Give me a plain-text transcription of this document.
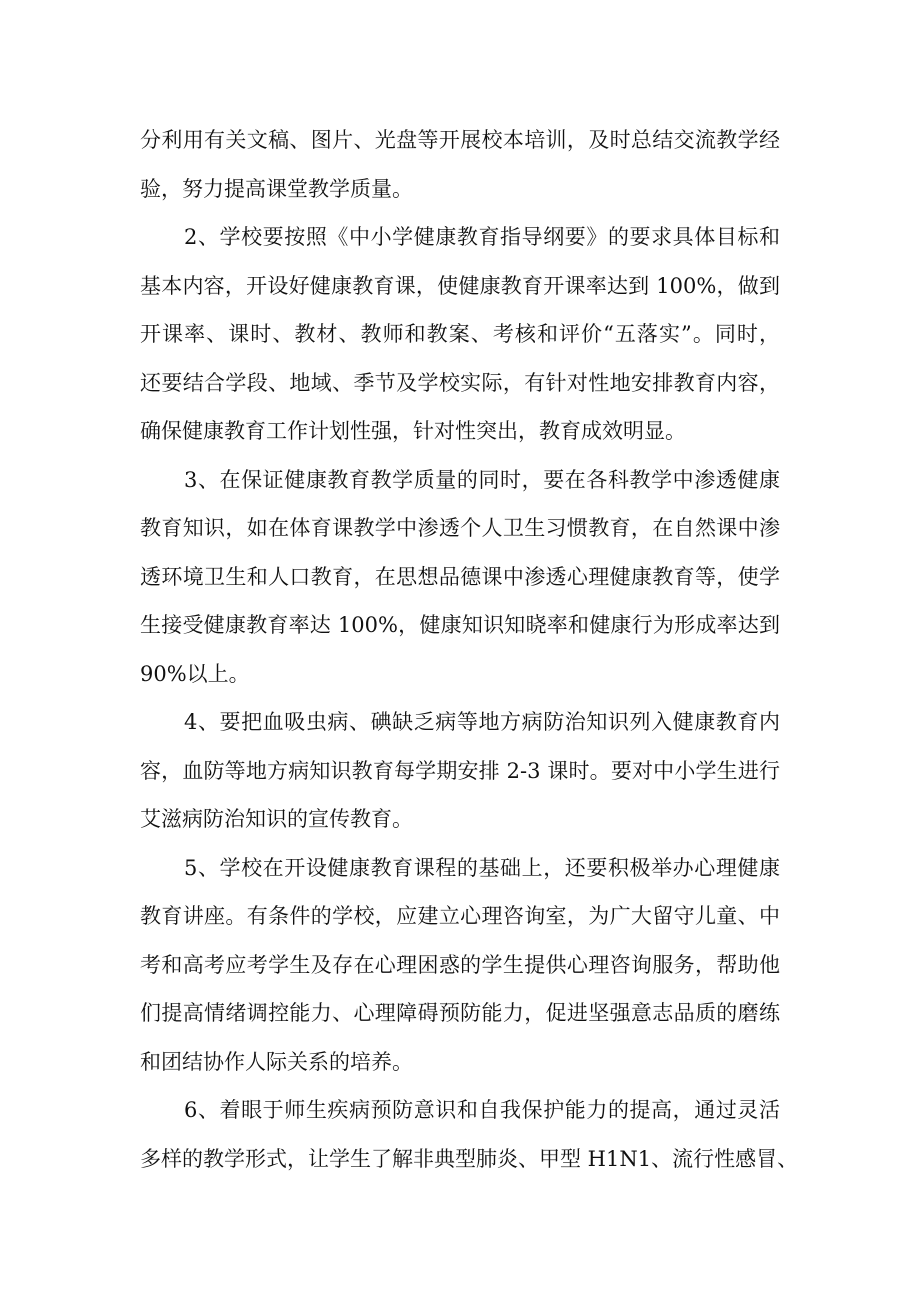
分利用有关文稿、图片、光盘等开展校本培训，及时总结交流教学经
验，努力提高课堂教学质量。
2、学校要按照《中小学健康教育指导纲要》的要求具体目标和
基本内容，开设好健康教育课，使健康教育开课率达到 100%，做到
开课率、课时、教材、教师和教案、考核和评价“五落实”。同时，
还要结合学段、地域、季节及学校实际，有针对性地安排教育内容，
确保健康教育工作计划性强，针对性突出，教育成效明显。
3、在保证健康教育教学质量的同时，要在各科教学中渗透健康
教育知识，如在体育课教学中渗透个人卫生习惯教育，在自然课中渗
透环境卫生和人口教育，在思想品德课中渗透心理健康教育等，使学
生接受健康教育率达 100%，健康知识知晓率和健康行为形成率达到
90%以上。
4、要把血吸虫病、碘缺乏病等地方病防治知识列入健康教育内
容，血防等地方病知识教育每学期安排 2-3 课时。要对中小学生进行
艾滋病防治知识的宣传教育。
5、学校在开设健康教育课程的基础上，还要积极举办心理健康
教育讲座。有条件的学校，应建立心理咨询室，为广大留守儿童、中
考和高考应考学生及存在心理困惑的学生提供心理咨询服务，帮助他
们提高情绪调控能力、心理障碍预防能力，促进坚强意志品质的磨练
和团结协作人际关系的培养。
6、着眼于师生疾病预防意识和自我保护能力的提高，通过灵活
多样的教学形式，让学生了解非典型肺炎、甲型 H1N1、流行性感冒、
